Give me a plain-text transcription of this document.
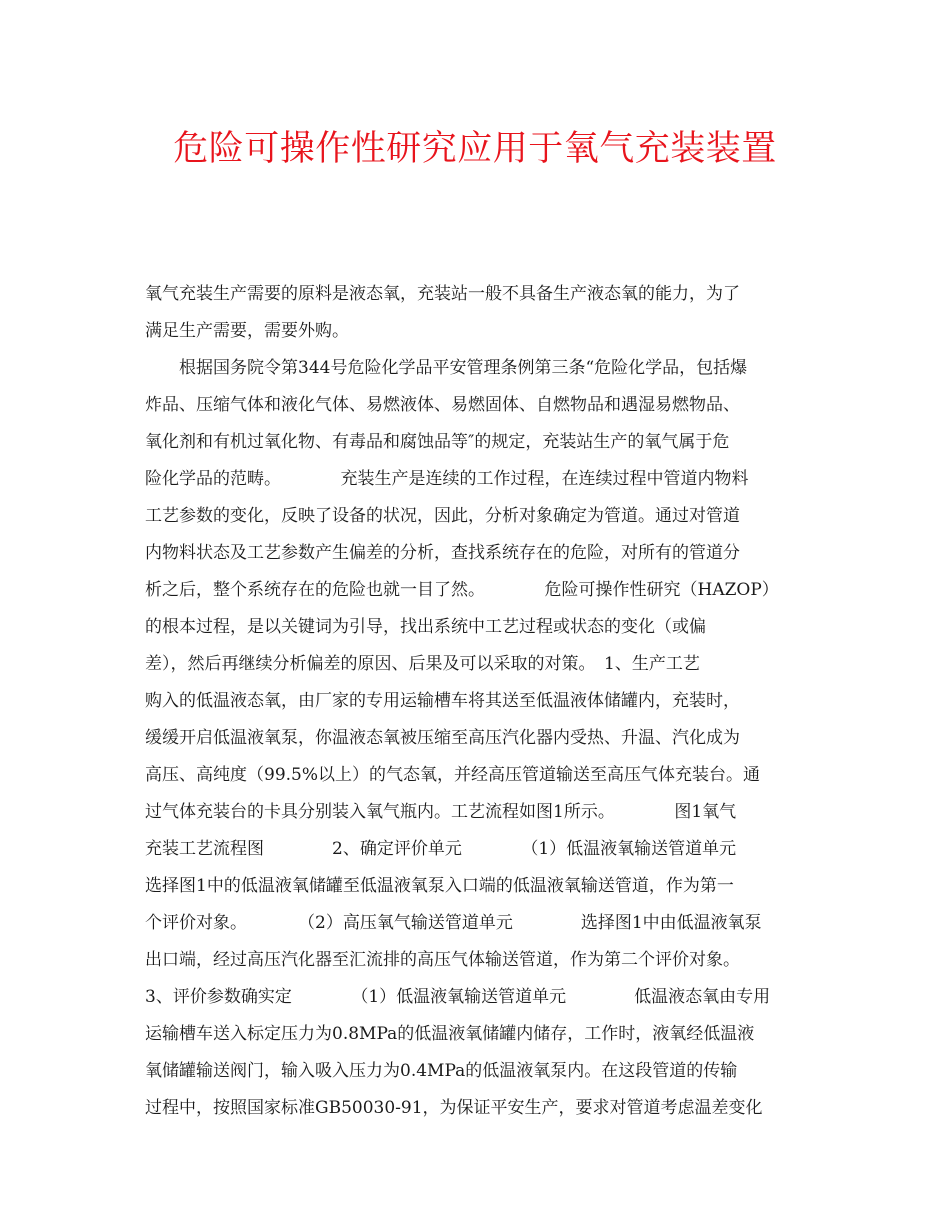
危险可操作性研究应用于氧气充装装置
氧气充装生产需要的原料是液态氧，充装站一般不具备生产液态氧的能力，为了
满足生产需要，需要外购。
　　根据国务院令第344号危险化学品平安管理条例第三条“危险化学品，包括爆
炸品、压缩气体和液化气体、易燃液体、易燃固体、自燃物品和遇湿易燃物品、
氧化剂和有机过氧化物、有毒品和腐蚀品等″的规定，充装站生产的氧气属于危
险化学品的范畴。　　　　充装生产是连续的工作过程，在连续过程中管道内物料
工艺参数的变化，反映了设备的状况，因此，分析对象确定为管道。通过对管道
内物料状态及工艺参数产生偏差的分析，查找系统存在的危险，对所有的管道分
析之后，整个系统存在的危险也就一目了然。　　　　危险可操作性研究（HAZOP）
的根本过程，是以关键词为引导，找出系统中工艺过程或状态的变化（或偏
差），然后再继续分析偏差的原因、后果及可以采取的对策。　1、生产工艺
购入的低温液态氧，由厂家的专用运输槽车将其送至低温液体储罐内，充装时，
缓缓开启低温液氧泵，你温液态氧被压缩至高压汽化器内受热、升温、汽化成为
高压、高纯度（99.5%以上）的气态氧，并经高压管道输送至高压气体充装台。通
过气体充装台的卡具分别装入氧气瓶内。工艺流程如图1所示。　　　　图1氧气
充装工艺流程图　　　　2、确定评价单元　　　　（1）低温液氧输送管道单元
选择图1中的低温液氧储罐至低温液氧泵入口端的低温液氧输送管道，作为第一
个评价对象。　　　　（2）高压氧气输送管道单元　　　　选择图1中由低温液氧泵
出口端，经过高压汽化器至汇流排的高压气体输送管道，作为第二个评价对象。
3、评价参数确实定　　　　（1）低温液氧输送管道单元　　　　低温液态氧由专用
运输槽车送入标定压力为0.8MPa的低温液氧储罐内储存，工作时，液氧经低温液
氧储罐输送阀门，输入吸入压力为0.4MPa的低温液氧泵内。在这段管道的传输
过程中，按照国家标准GB50030-91，为保证平安生产，要求对管道考虑温差变化
